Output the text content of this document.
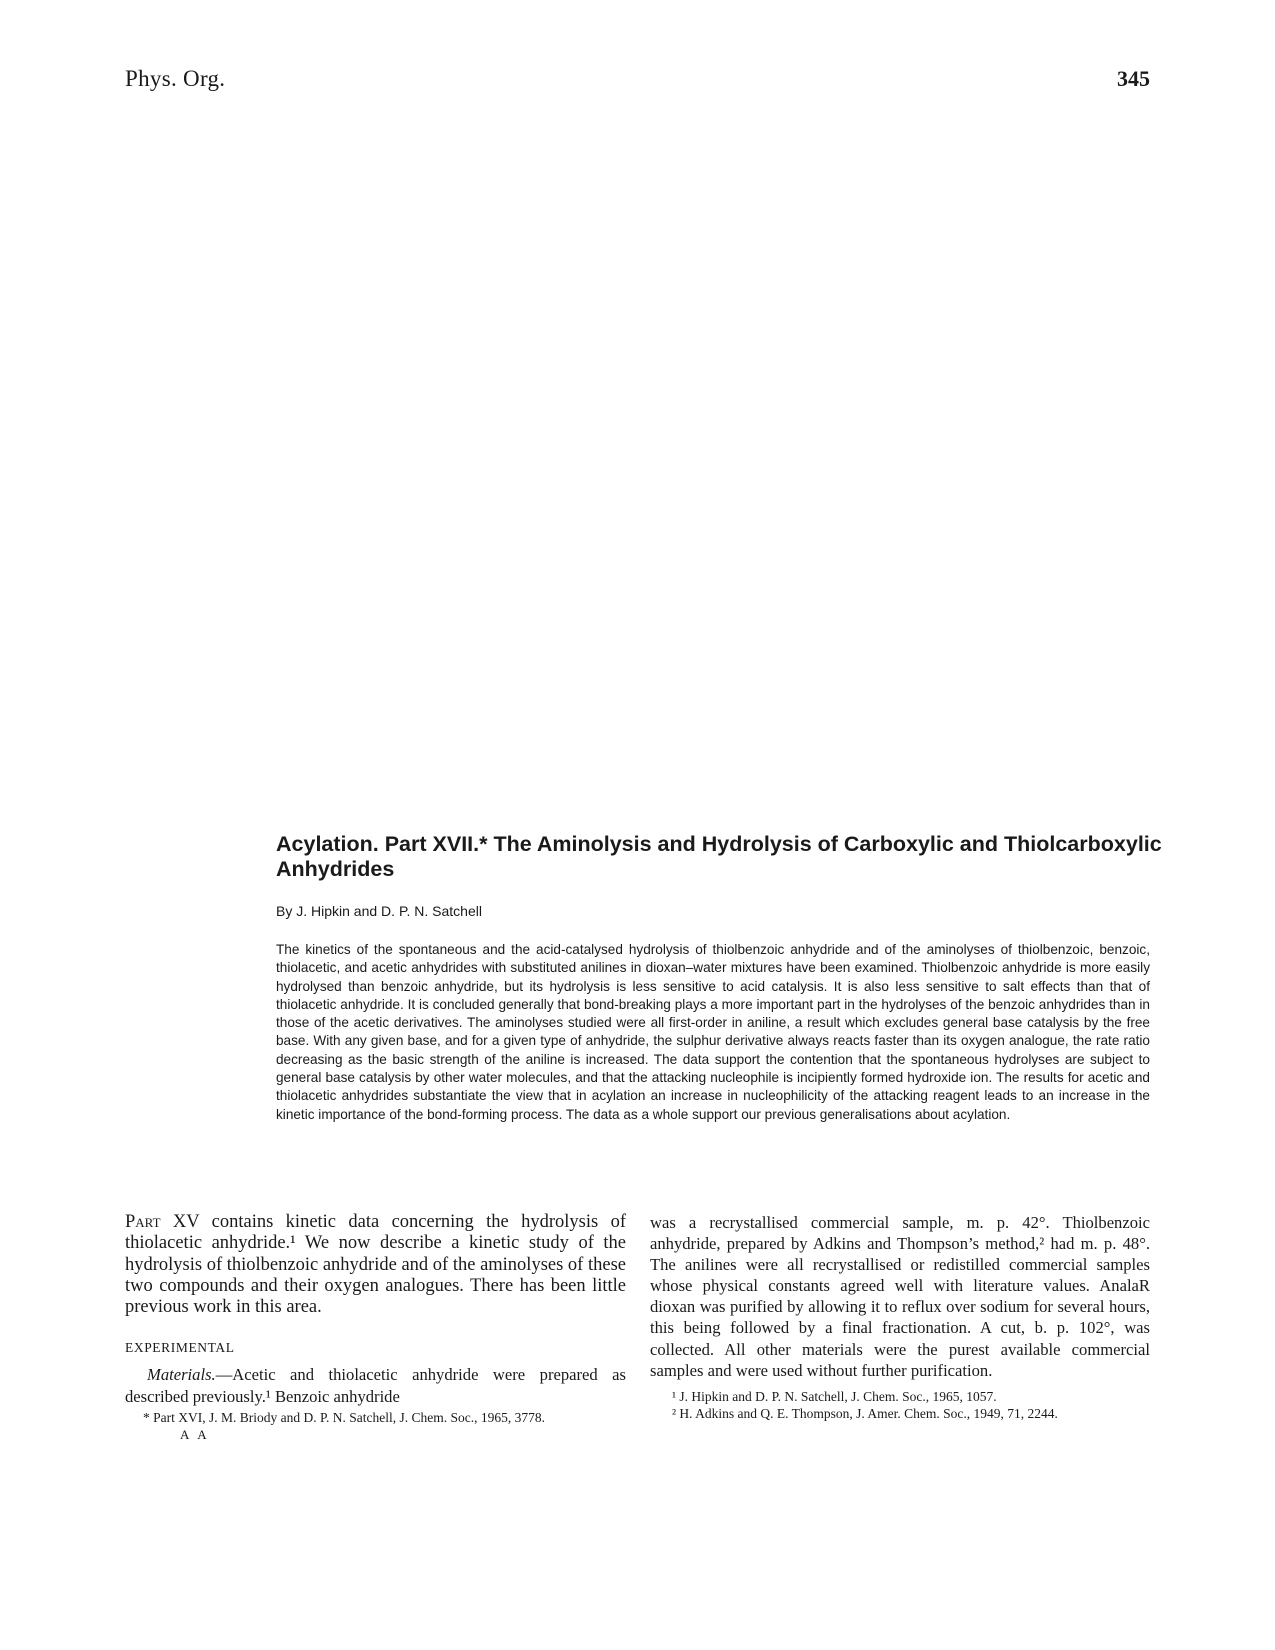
Phys. Org.	345
Acylation. Part XVII.* The Aminolysis and Hydrolysis of Carboxylic and Thiolcarboxylic Anhydrides
By J. Hipkin and D. P. N. Satchell
The kinetics of the spontaneous and the acid-catalysed hydrolysis of thiolbenzoic anhydride and of the aminolyses of thiolbenzoic, benzoic, thiolacetic, and acetic anhydrides with substituted anilines in dioxan–water mixtures have been examined. Thiolbenzoic anhydride is more easily hydrolysed than benzoic anhydride, but its hydrolysis is less sensitive to acid catalysis. It is also less sensitive to salt effects than that of thiolacetic anhydride. It is concluded generally that bond-breaking plays a more important part in the hydrolyses of the benzoic anhydrides than in those of the acetic derivatives. The aminolyses studied were all first-order in aniline, a result which excludes general base catalysis by the free base. With any given base, and for a given type of anhydride, the sulphur derivative always reacts faster than its oxygen analogue, the rate ratio decreasing as the basic strength of the aniline is increased. The data support the contention that the spontaneous hydrolyses are subject to general base catalysis by other water molecules, and that the attacking nucleophile is incipiently formed hydroxide ion. The results for acetic and thiolacetic anhydrides substantiate the view that in acylation an increase in nucleophilicity of the attacking reagent leads to an increase in the kinetic importance of the bond-forming process. The data as a whole support our previous generalisations about acylation.

Part XV contains kinetic data concerning the hydrolysis of thiolacetic anhydride.¹ We now describe a kinetic study of the hydrolysis of thiolbenzoic anhydride and of the aminolyses of these two compounds and their oxygen analogues. There has been little previous work in this area.

EXPERIMENTAL

Materials.—Acetic and thiolacetic anhydride were prepared as described previously.¹ Benzoic anhydride

* Part XVI, J. M. Briody and D. P. N. Satchell, J. Chem. Soc., 1965, 3778.

A A

was a recrystallised commercial sample, m. p. 42°. Thiolbenzoic anhydride, prepared by Adkins and Thompson’s method,² had m. p. 48°. The anilines were all recrystallised or redistilled commercial samples whose physical constants agreed well with literature values. AnalaR dioxan was purified by allowing it to reflux over sodium for several hours, this being followed by a final fractionation. A cut, b. p. 102°, was collected. All other materials were the purest available commercial samples and were used without further purification.

¹ J. Hipkin and D. P. N. Satchell, J. Chem. Soc., 1965, 1057.

² H. Adkins and Q. E. Thompson, J. Amer. Chem. Soc., 1949, 71, 2244.
